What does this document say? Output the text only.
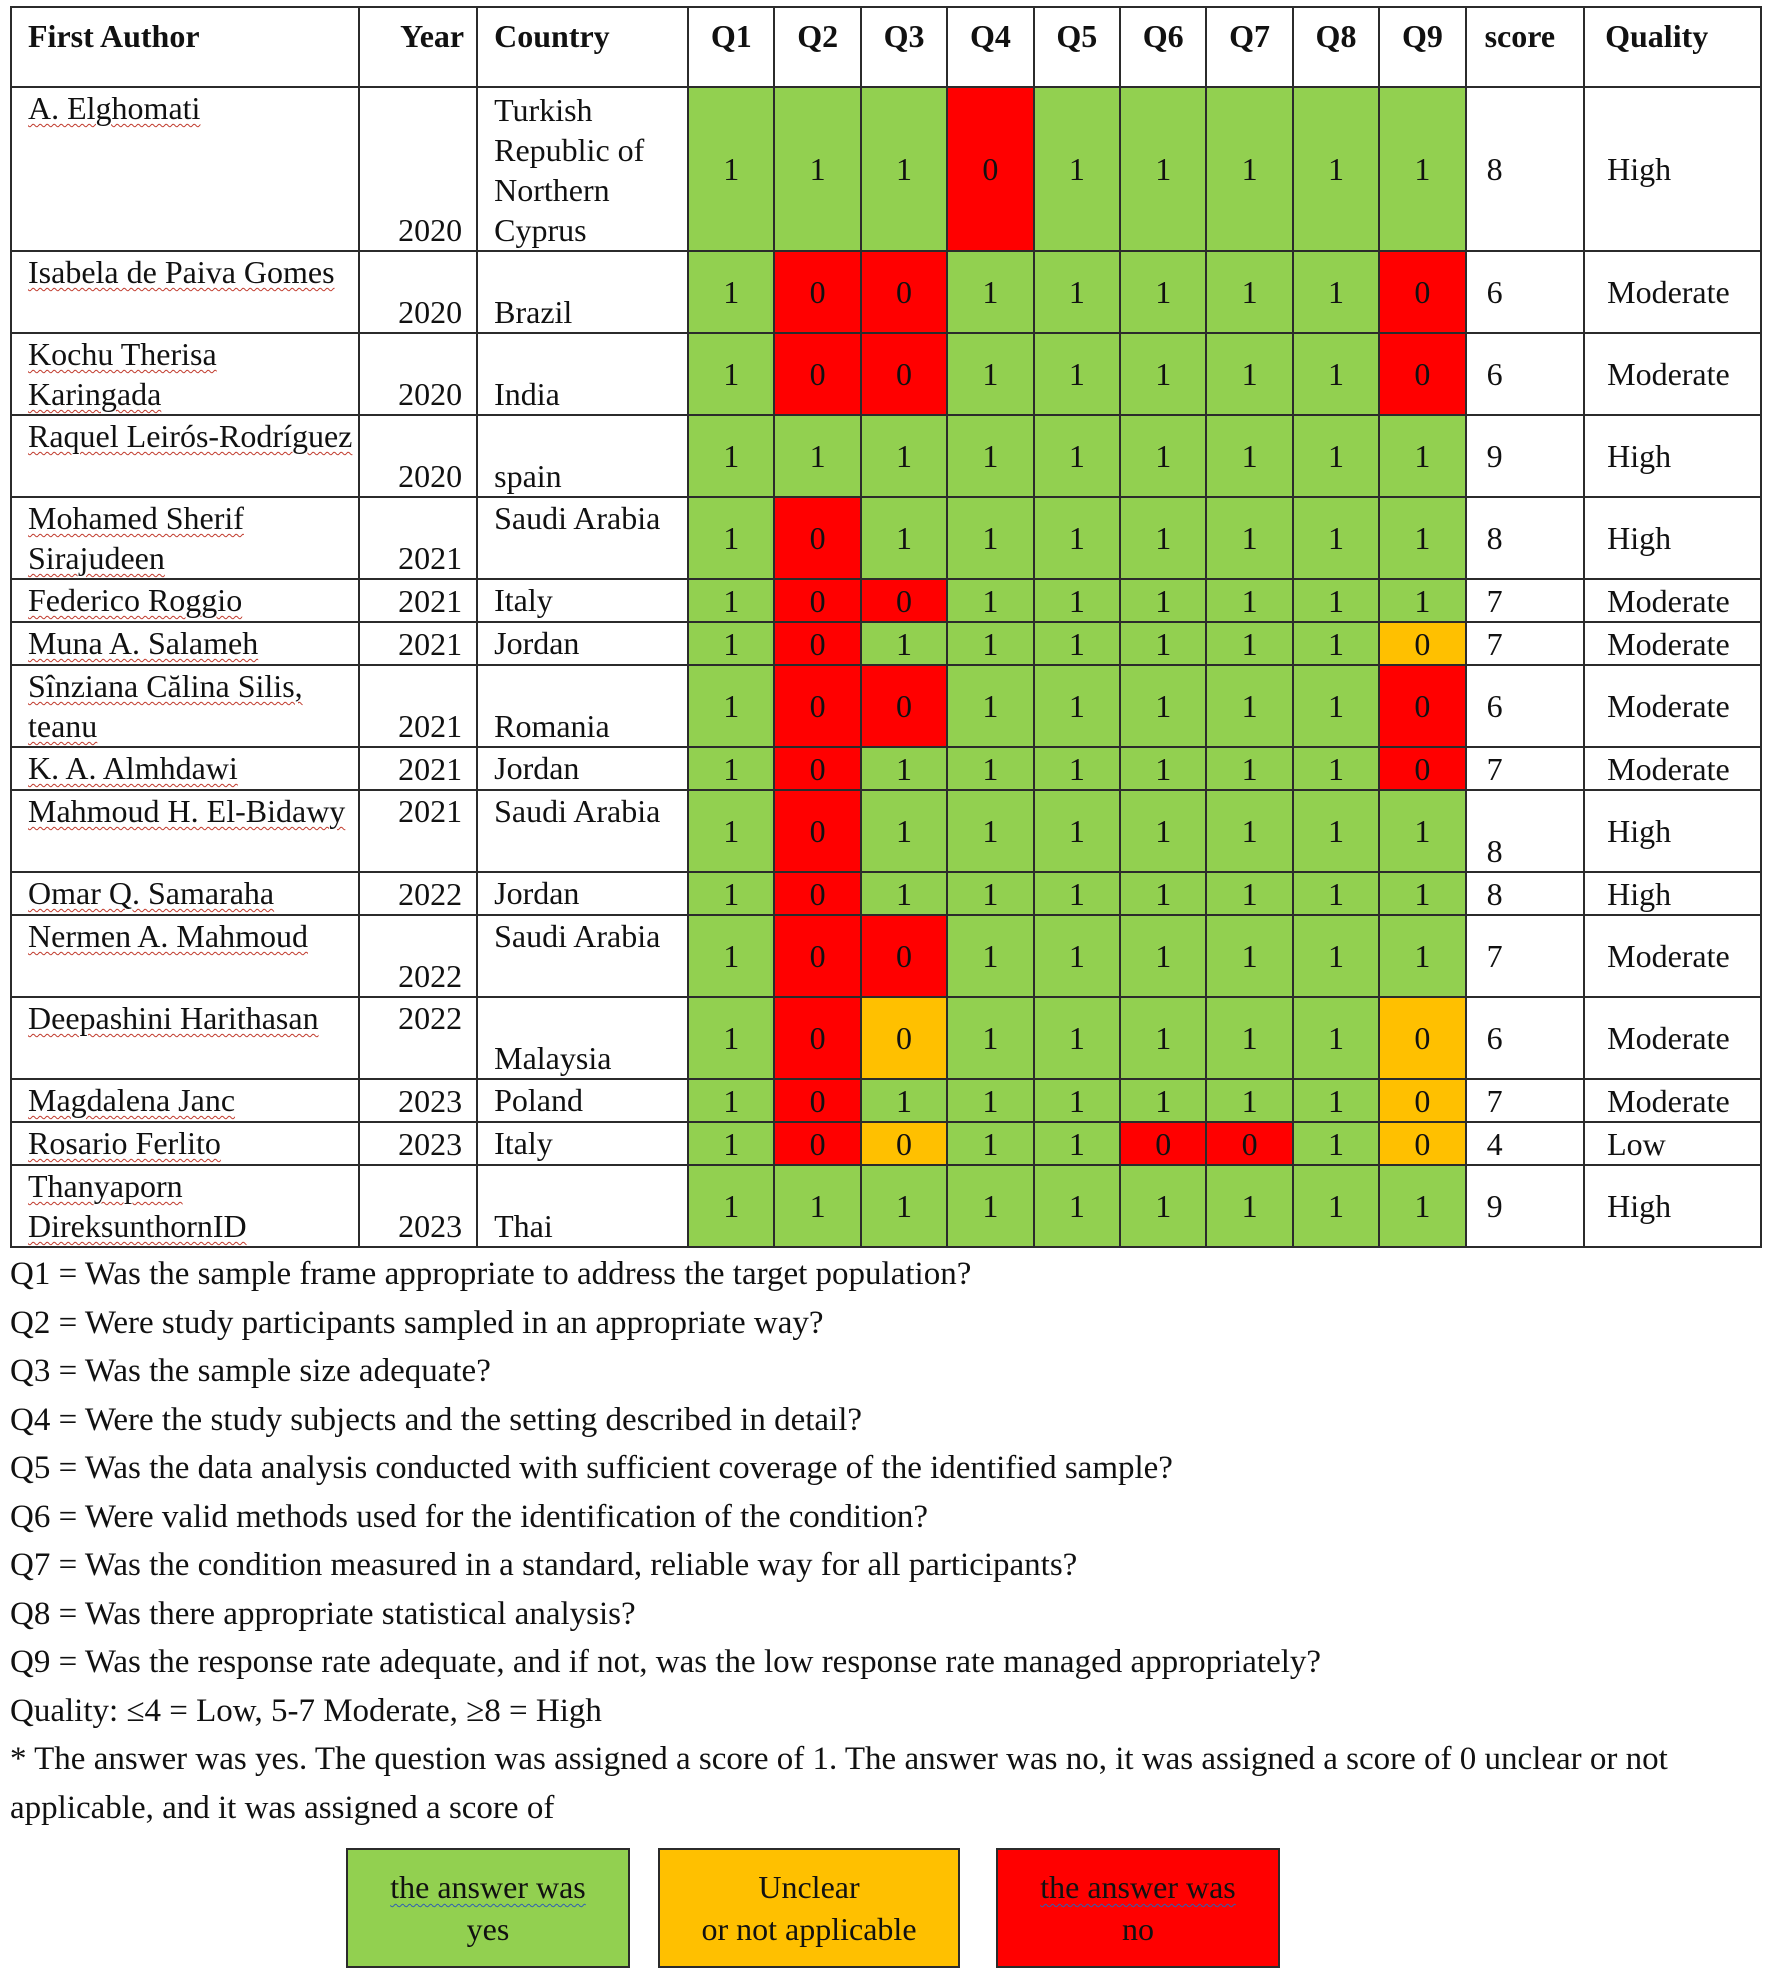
First Author	Year	Country	Q1	Q2	Q3	Q4	Q5	Q6	Q7	Q8	Q9	score	Quality
A. Elghomati	2020	Turkish Republic of Northern Cyprus	1	1	1	0	1	1	1	1	1	8	High
Isabela de Paiva Gomes	2020	Brazil	1	0	0	1	1	1	1	1	0	6	Moderate
Kochu Therisa Karingada	2020	India	1	0	0	1	1	1	1	1	0	6	Moderate
Raquel Leirós-Rodríguez	2020	spain	1	1	1	1	1	1	1	1	1	9	High
Mohamed Sherif Sirajudeen	2021	Saudi Arabia	1	0	1	1	1	1	1	1	1	8	High
Federico Roggio	2021	Italy	1	0	0	1	1	1	1	1	1	7	Moderate
Muna A. Salameh	2021	Jordan	1	0	1	1	1	1	1	1	0	7	Moderate
Sînziana Călina Silis, teanu	2021	Romania	1	0	0	1	1	1	1	1	0	6	Moderate
K. A. Almhdawi	2021	Jordan	1	0	1	1	1	1	1	1	0	7	Moderate
Mahmoud H. El-Bidawy	2021	Saudi Arabia	1	0	1	1	1	1	1	1	1	8	High
Omar Q. Samaraha	2022	Jordan	1	0	1	1	1	1	1	1	1	8	High
Nermen A. Mahmoud	2022	Saudi Arabia	1	0	0	1	1	1	1	1	1	7	Moderate
Deepashini Harithasan	2022	Malaysia	1	0	0	1	1	1	1	1	0	6	Moderate
Magdalena Janc	2023	Poland	1	0	1	1	1	1	1	1	0	7	Moderate
Rosario Ferlito	2023	Italy	1	0	0	1	1	0	0	1	0	4	Low
Thanyaporn DireksunthornID	2023	Thai	1	1	1	1	1	1	1	1	1	9	High

Q1 = Was the sample frame appropriate to address the target population?

Q2 = Were study participants sampled in an appropriate way?

Q3 = Was the sample size adequate?

Q4 = Were the study subjects and the setting described in detail?

Q5 = Was the data analysis conducted with sufficient coverage of the identified sample?

Q6 = Were valid methods used for the identification of the condition?

Q7 = Was the condition measured in a standard, reliable way for all participants?

Q8 = Was there appropriate statistical analysis?

Q9 = Was the response rate adequate, and if not, was the low response rate managed appropriately?

Quality: ≤4 = Low, 5-7 Moderate, ≥8 = High

* The answer was yes. The question was assigned a score of 1. The answer was no, it was assigned a score of 0 unclear or not applicable, and it was assigned a score of

the answer was
yes
Unclear
or not applicable
the answer was
no
